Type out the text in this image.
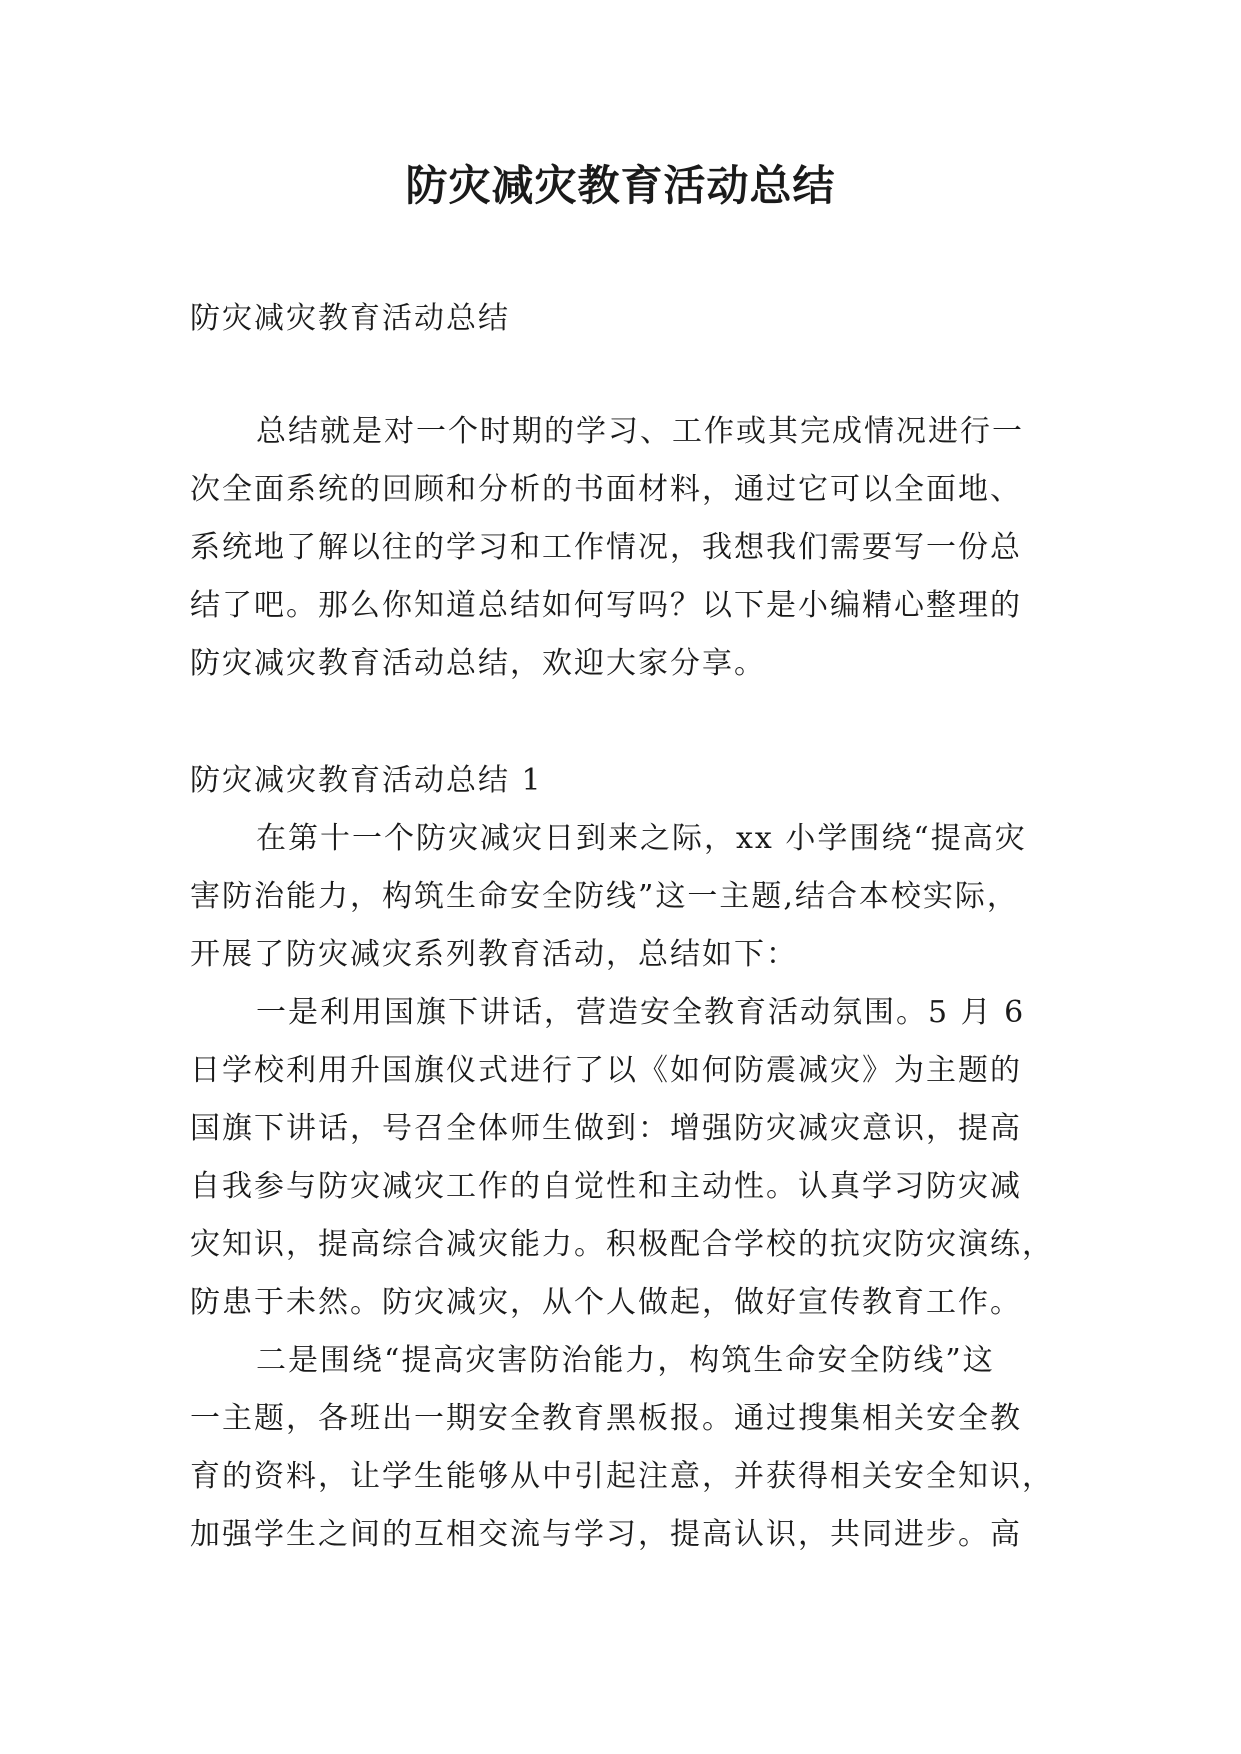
防灾减灾教育活动总结

防灾减灾教育活动总结

总结就是对一个时期的学习、工作或其完成情况进行一
次全面系统的回顾和分析的书面材料，通过它可以全面地、
系统地了解以往的学习和工作情况，我想我们需要写一份总
结了吧。那么你知道总结如何写吗？以下是小编精心整理的
防灾减灾教育活动总结，欢迎大家分享。

防灾减灾教育活动总结 1

在第十一个防灾减灾日到来之际，xx 小学围绕“提高灾
害防治能力，构筑生命安全防线”这一主题,结合本校实际，
开展了防灾减灾系列教育活动，总结如下：

一是利用国旗下讲话，营造安全教育活动氛围。5 月 6
日学校利用升国旗仪式进行了以《如何防震减灾》为主题的
国旗下讲话，号召全体师生做到：增强防灾减灾意识，提高
自我参与防灾减灾工作的自觉性和主动性。认真学习防灾减
灾知识，提高综合减灾能力。积极配合学校的抗灾防灾演练，
防患于未然。防灾减灾，从个人做起，做好宣传教育工作。

二是围绕“提高灾害防治能力，构筑生命安全防线”这
一主题，各班出一期安全教育黑板报。通过搜集相关安全教
育的资料，让学生能够从中引起注意，并获得相关安全知识，
加强学生之间的互相交流与学习，提高认识，共同进步。高
